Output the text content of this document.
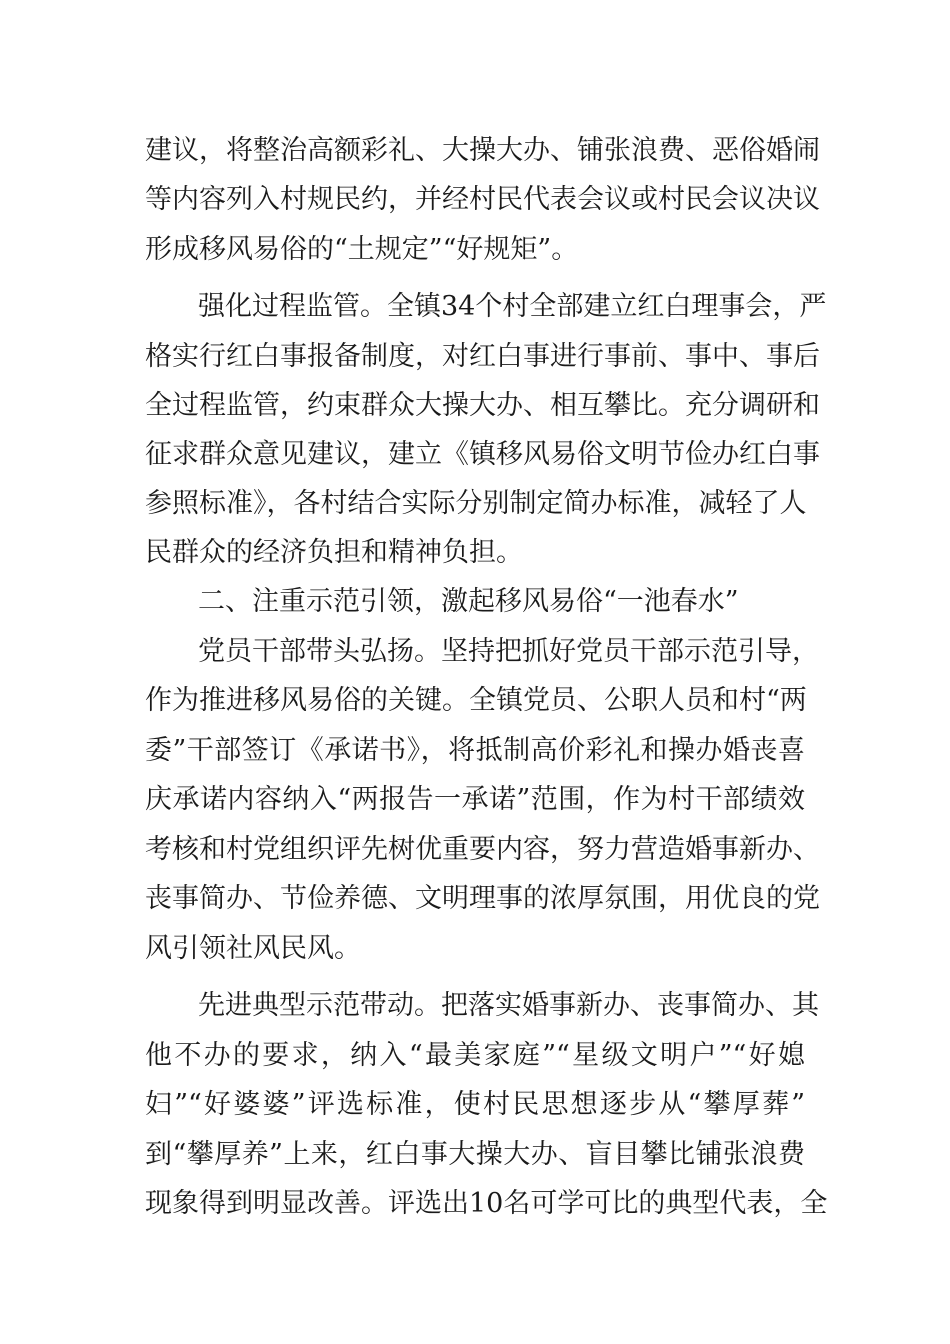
建议，将整治高额彩礼、大操大办、铺张浪费、恶俗婚闹
等内容列入村规民约，并经村民代表会议或村民会议决议
形成移风易俗的“土规定”“好规矩”。
强化过程监管。全镇34个村全部建立红白理事会，严
格实行红白事报备制度，对红白事进行事前、事中、事后
全过程监管，约束群众大操大办、相互攀比。充分调研和
征求群众意见建议，建立《镇移风易俗文明节俭办红白事
参照标准》，各村结合实际分别制定简办标准，减轻了人
民群众的经济负担和精神负担。
二、注重示范引领，激起移风易俗“一池春水”
党员干部带头弘扬。坚持把抓好党员干部示范引导，
作为推进移风易俗的关键。全镇党员、公职人员和村“两
委”干部签订《承诺书》，将抵制高价彩礼和操办婚丧喜
庆承诺内容纳入“两报告一承诺”范围，作为村干部绩效
考核和村党组织评先树优重要内容，努力营造婚事新办、
丧事简办、节俭养德、文明理事的浓厚氛围，用优良的党
风引领社风民风。
先进典型示范带动。把落实婚事新办、丧事简办、其
他不办的要求，纳入“最美家庭”“星级文明户”“好媳
妇”“好婆婆”评选标准，使村民思想逐步从“攀厚葬”
到“攀厚养”上来，红白事大操大办、盲目攀比铺张浪费
现象得到明显改善。评选出10名可学可比的典型代表，全
